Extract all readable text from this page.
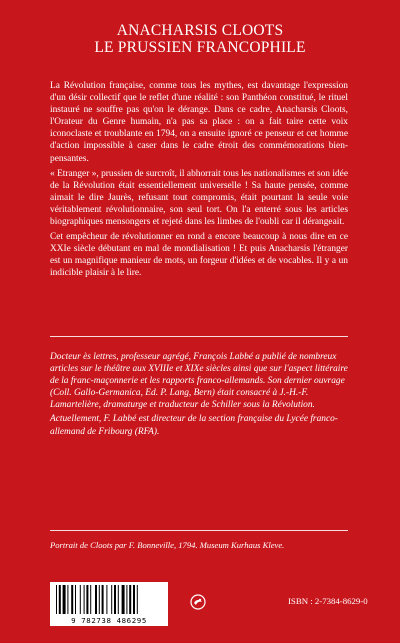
ANACHARSIS CLOOTS
LE PRUSSIEN FRANCOPHILE

La Révolution française, comme tous les mythes, est davantage l'expression d'un désir collectif que le reflet d'une réalité : son Panthéon constitué, le rituel instauré ne souffre pas qu'on le dérange. Dans ce cadre, Anacharsis Cloots, l'Orateur du Genre humain, n'a pas sa place : on a fait taire cette voix iconoclaste et troublante en 1794, on a ensuite ignoré ce penseur et cet homme d'action impossible à caser dans le cadre étroit des commémorations bien-pensantes.

« Etranger », prussien de surcroît, il abhorrait tous les nationalismes et son idée de la Révolution était essentiellement universelle ! Sa haute pensée, comme aimait le dire Jaurès, refusant tout compromis, était pourtant la seule voie véritablement révolutionnaire, son seul tort. On l'a enterré sous les articles biographiques mensongers et rejeté dans les limbes de l'oubli car il dérangeait.

Cet empêcheur de révolutionner en rond a encore beaucoup à nous dire en ce XXIe siècle débutant en mal de mondialisation ! Et puis Anacharsis l'étranger est un magnifique manieur de mots, un forgeur d'idées et de vocables. Il y a un indicible plaisir à le lire.

Docteur ès lettres, professeur agrégé, François Labbé a publié de nombreux articles sur le théâtre aux XVIIIe et XIXe siècles ainsi que sur l'aspect littéraire de la franc-maçonnerie et les rapports franco-allemands. Son dernier ouvrage (Coll. Gallo-Germanica, Ed. P. Lang, Bern) était consacré à J.-H.-F. Lamartelière, dramaturge et traducteur de Schiller sous la Révolution.

Actuellement, F. Labbé est directeur de la section française du Lycée franco-allemand de Fribourg (RFA).

Portrait de Cloots par F. Bonneville, 1794. Museum Kurhaus Kleve.
9 782738 486295
ISBN : 2-7384-8629-0
